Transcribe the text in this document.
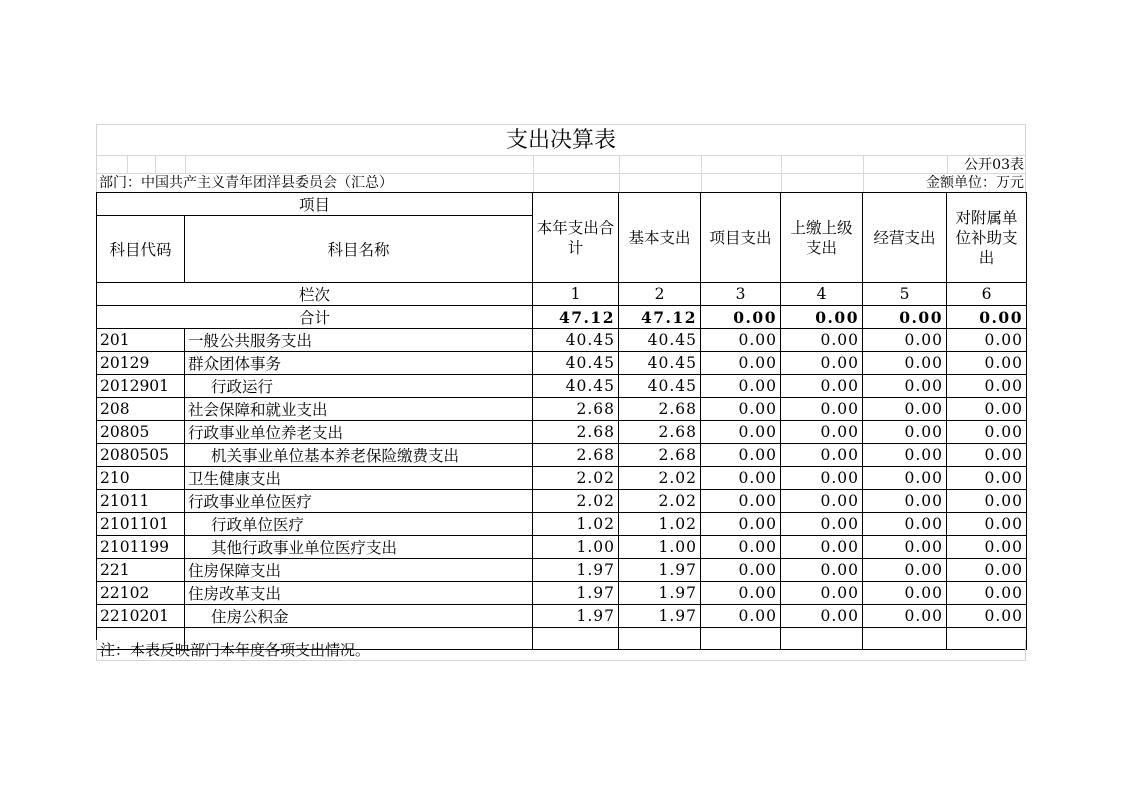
支出决算表
公开03表
部门：中国共产主义青年团洋县委员会（汇总）	金额单位：万元
项目		本年支出合计	基本支出	项目支出	上缴上级支出	经营支出	对附属单位补助支出
科目代码	科目名称						
栏次		1	2	3	4	5	6
合计		47.12	47.12	0.00	0.00	0.00	0.00
201	一般公共服务支出	40.45	40.45	0.00	0.00	0.00	0.00
20129	群众团体事务	40.45	40.45	0.00	0.00	0.00	0.00
2012901	行政运行	40.45	40.45	0.00	0.00	0.00	0.00
208	社会保障和就业支出	2.68	2.68	0.00	0.00	0.00	0.00
20805	行政事业单位养老支出	2.68	2.68	0.00	0.00	0.00	0.00
2080505	机关事业单位基本养老保险缴费支出	2.68	2.68	0.00	0.00	0.00	0.00
210	卫生健康支出	2.02	2.02	0.00	0.00	0.00	0.00
21011	行政事业单位医疗	2.02	2.02	0.00	0.00	0.00	0.00
2101101	行政单位医疗	1.02	1.02	0.00	0.00	0.00	0.00
2101199	其他行政事业单位医疗支出	1.00	1.00	0.00	0.00	0.00	0.00
221	住房保障支出	1.97	1.97	0.00	0.00	0.00	0.00
22102	住房改革支出	1.97	1.97	0.00	0.00	0.00	0.00
2210201	住房公积金	1.97	1.97	0.00	0.00	0.00	0.00

注：本表反映部门本年度各项支出情况。
